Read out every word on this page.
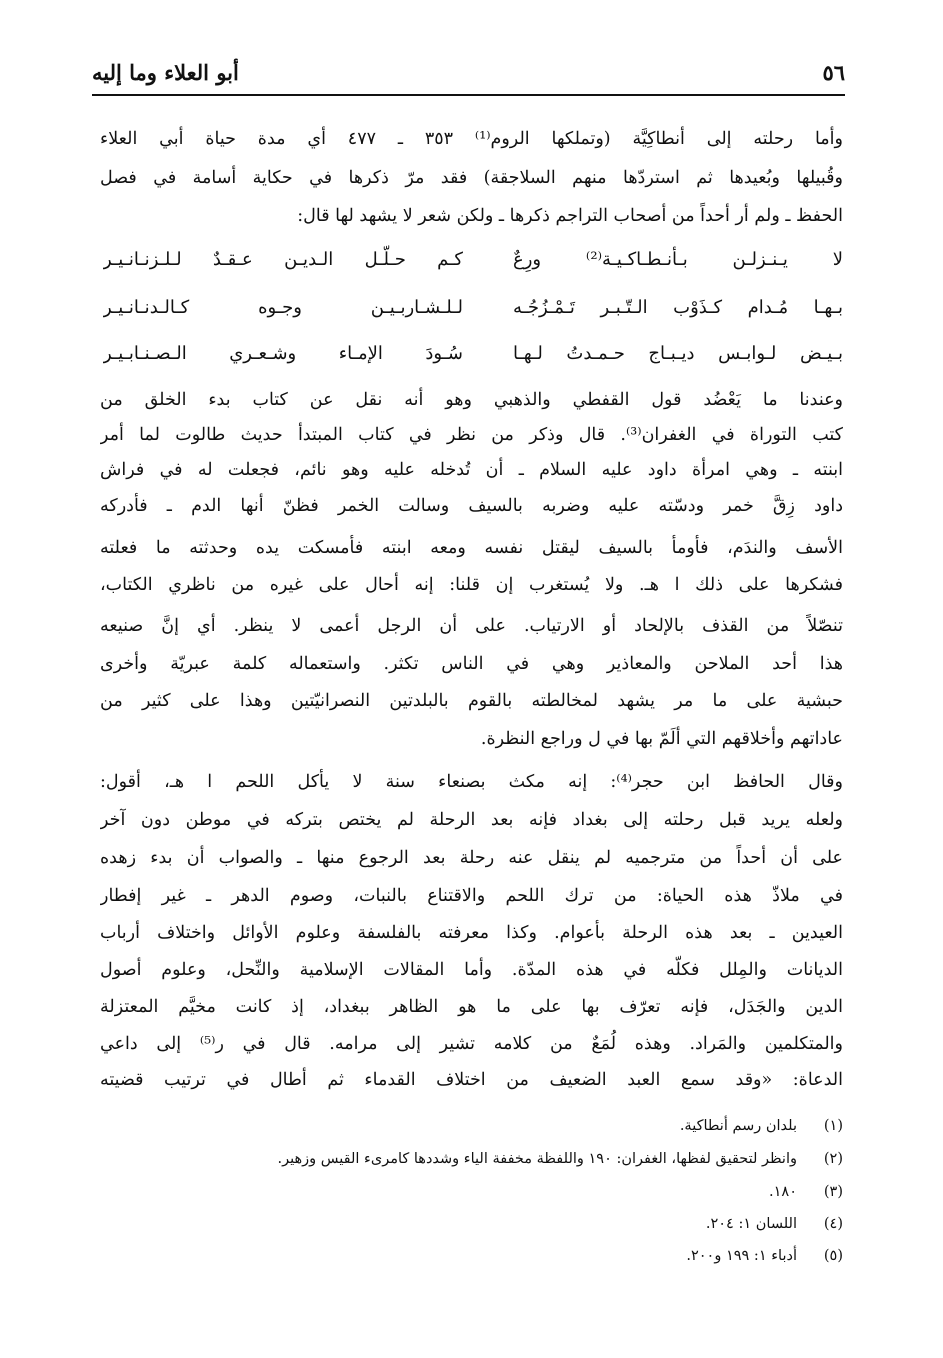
أبو العلاء وما إليه	٥٦
وأما رحلته إلى أنطاكِيَّة (وتملكها الروم⁽¹⁾ ٣٥٣ ـ ٤٧٧ أي مدة حياة أبي العلاء
وقُبيلها وبُعيدها ثم استردّها منهم السلاجقة) فقد مرّ ذكرها في حكاية أسامة في فصل
الحفظ ـ ولم أر أحداً من أصحاب التراجم ذكرها ـ ولكن شعر لا يشهد لها قال:
لا يـنـزلـن بـأنـطـاكـيـة⁽²⁾ ورِعٌ
كـم حـلّـل الـديـن عـقـدٌ لـلـزنـانـيـر
بـهـا مُـدام كـذَوْب الـتّـبـر تَـمْـزُجُـه
لـلـشـاربـيـن وجـوه كـالـدنـانـيـر
بـيـض لـوابـس ديـبـاج حـمـدتُ لـهـا
سُـودَ الإمـاء وشـعـري الـصـنـابـيـر
وعندنا ما يَعْضُد قول القفطي والذهبي وهو أنه نقل عن كتاب بدء الخلق من
كتب التوراة في الغفران⁽³⁾. قال وذكر من نظر في كتاب المبتدأ حديث طالوت لما أمر
ابنته ـ وهي امرأة داود عليه السلام ـ أن تُدخله عليه وهو نائم، فجعلت له في فراش
داود زِقَّ خمر ودسّته عليه وضربه بالسيف وسالت الخمر فظنّ أنها الدم ـ فأدركه
الأسف والندَم، فأومأ بالسيف ليقتل نفسه ومعه ابنته فأمسكت يده وحدثته ما فعلته
فشكرها على ذلك ا هـ. ولا يُستغرب إن قلنا: إنه أحال على غيره من ناظري الكتاب،
تنصّلاً من القذف بالإلحاد أو الارتياب. على أن الرجل أعمى لا ينظر. أي إنَّ صنيعه
هذا أحد الملاحن والمعاذير وهي في الناس تكثر. واستعماله كلمة عبريّة وأخرى
حبشية على ما مر يشهد لمخالطته بالقوم بالبلدتين النصرانيّتين وهذا على كثير من
عاداتهم وأخلاقهم التي ألَمّ بها في ل وراجع النظرة.
وقال الحافظ ابن حجر⁽⁴⁾: إنه مكث بصنعاء سنة لا يأكل اللحم ا هـ، أقول:
ولعله يريد قبل رحلته إلى بغداد فإنه بعد الرحلة لم يختص بتركه في موطن دون آخر
على أن أحداً من مترجميه لم ينقل عنه رحلة بعد الرجوع منها ـ والصواب أن بدء زهده
في ملاذّ هذه الحياة: من ترك اللحم والاقتناع بالنبات، وصوم الدهر ـ غير إفطار
العيدين ـ بعد هذه الرحلة بأعوام. وكذا معرفته بالفلسفة وعلوم الأوائل واختلاف أرباب
الديانات والمِلل فكلّه في هذه المدّة. وأما المقالات الإسلامية والنِّحل، وعلوم أصول
الدين والجَدَل، فإنه تعرّف بها على ما هو الظاهر ببغداد، إذ كانت مخيَّم المعتزلة
والمتكلمين والمَراد. وهذه لُمَعٌ من كلامه تشير إلى مرامه. قال في ر⁽⁵⁾ إلى داعي
الدعاة: «وقد سمع العبد الضعيف من اختلاف القدماء ثم أطال في ترتيب قضيته
(١)
بلدان رسم أنطاكية.
(٢)
وانظر لتحقيق لفظها، الغفران: ١٩٠ واللفظة مخففة الياء وشددها كامرىء القيس وزهير.
(٣)
١٨٠.
(٤)
اللسان ١: ٢٠٤.
(٥)
أدباء ١: ١٩٩ و٢٠٠.
